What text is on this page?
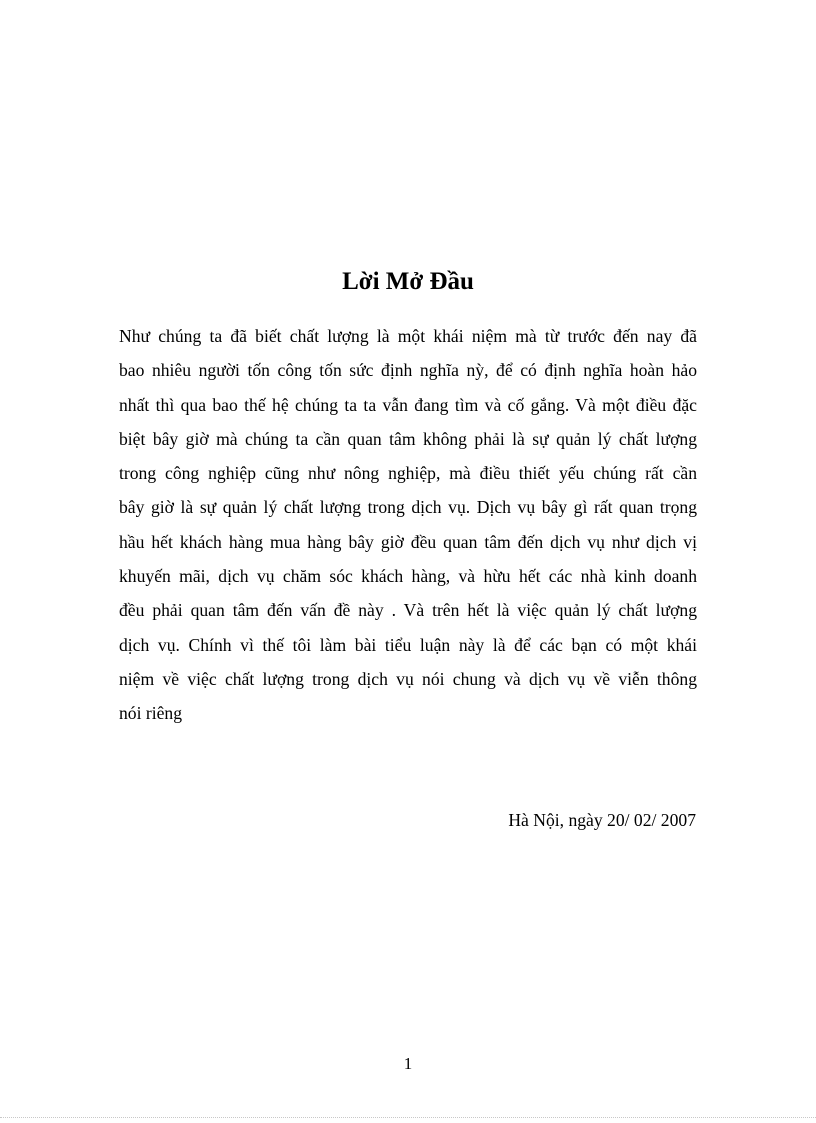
Lời Mở Đầu
Như chúng ta đã biết chất lượng là một khái niệm mà từ trước đến nay đã
bao nhiêu người tốn công tốn sức định nghĩa nỳ, để có định nghĩa hoàn hảo
nhất thì qua bao thế hệ chúng ta ta vẫn đang tìm và cố gắng. Và một điều đặc
biệt bây giờ mà chúng ta cần quan tâm không phải là sự quản lý chất lượng
trong công nghiệp cũng như nông nghiệp, mà điều thiết yếu chúng rất cần
bây giờ là sự quản lý chất lượng trong dịch vụ. Dịch vụ bây gì rất quan trọng
hầu hết khách hàng mua hàng bây giờ đều quan tâm đến dịch vụ như dịch vị
khuyến mãi, dịch vụ chăm sóc khách hàng, và hừu hết các nhà kinh doanh
đều phải quan tâm đến vấn đề này . Và trên hết là việc quản lý chất lượng
dịch vụ. Chính vì thế tôi làm bài tiểu luận này là để các bạn có một khái
niệm về việc chất lượng trong dịch vụ nói chung và dịch vụ về viễn thông
nói riêng

Hà Nội, ngày 20/ 02/ 2007

1
